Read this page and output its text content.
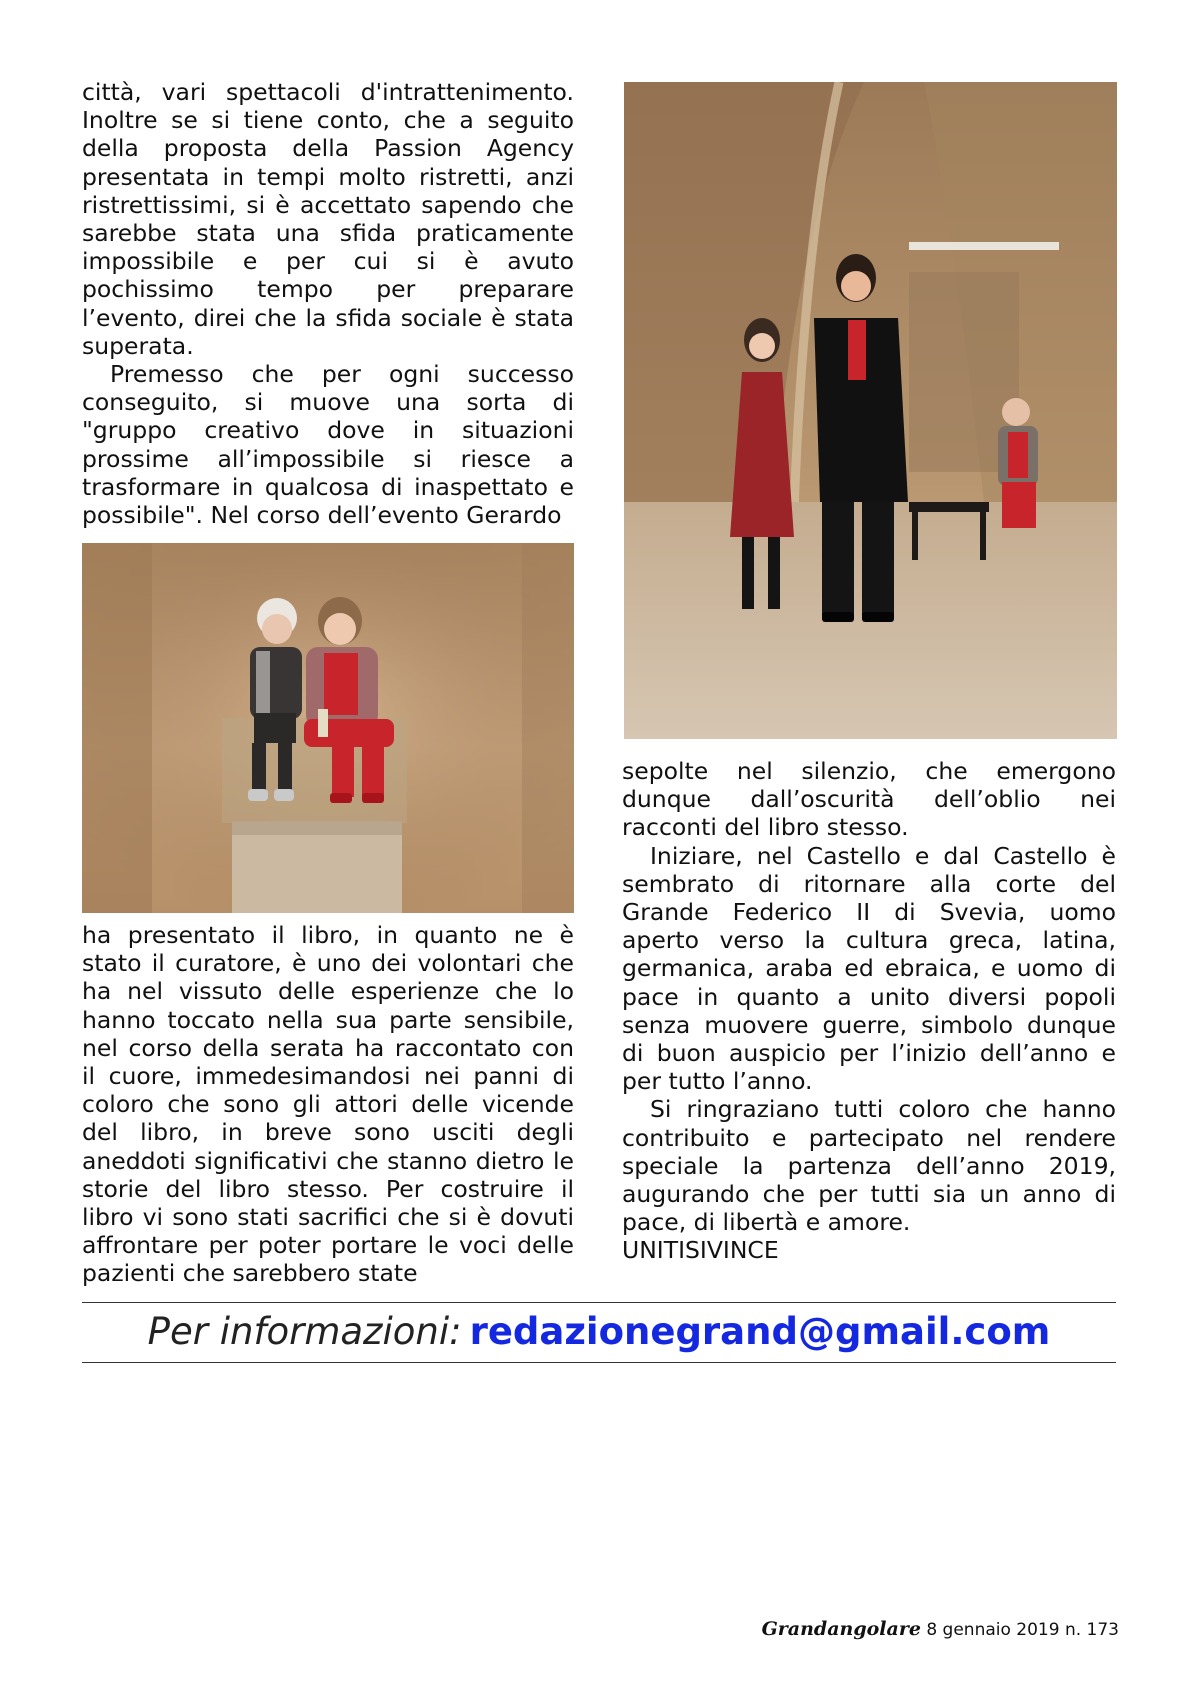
città, vari spettacoli d'intrattenimento. Inoltre se si tiene conto, che a seguito della proposta della Passion Agency presentata in tempi molto ristretti, anzi ristrettissimi, si è accettato sapendo che sarebbe stata una sfida praticamente impossibile e per cui si è avuto pochissimo tempo per preparare l’evento, direi che la sfida sociale è stata superata.

Premesso che per ogni successo conseguito, si muove una sorta di "gruppo creativo dove in situazioni prossime all’impossibile si riesce a trasformare in qualcosa di inaspettato e possibile". Nel corso dell’evento Gerardo

ha presentato il libro, in quanto ne è stato il curatore, è uno dei volontari che ha nel vissuto delle esperienze che lo hanno toccato nella sua parte sensibile, nel corso della serata ha raccontato con il cuore, immedesimandosi nei panni di coloro che sono gli attori delle vicende del libro, in breve sono usciti degli aneddoti significativi che stanno dietro le storie del libro stesso. Per costruire il libro vi sono stati sacrifici che si è dovuti affrontare per poter portare le voci delle pazienti che sarebbero state

sepolte nel silenzio, che emergono dunque dall’oscurità dell’oblio nei racconti del libro stesso.

Iniziare, nel Castello e dal Castello è sembrato di ritornare alla corte del Grande Federico II di Svevia, uomo aperto verso la cultura greca, latina, germanica, araba ed ebraica, e uomo di pace in quanto a unito diversi popoli senza muovere guerre, simbolo dunque di buon auspicio per l’inizio dell’anno e per tutto l’anno.

Si ringraziano tutti coloro che hanno contribuito e partecipato nel rendere speciale la partenza dell’anno 2019, augurando che per tutti sia un anno di pace, di libertà e amore.

UNITISIVINCE

Per informazioni: redazionegrand@gmail.com
Grandangolare 8 gennaio 2019 n. 173
